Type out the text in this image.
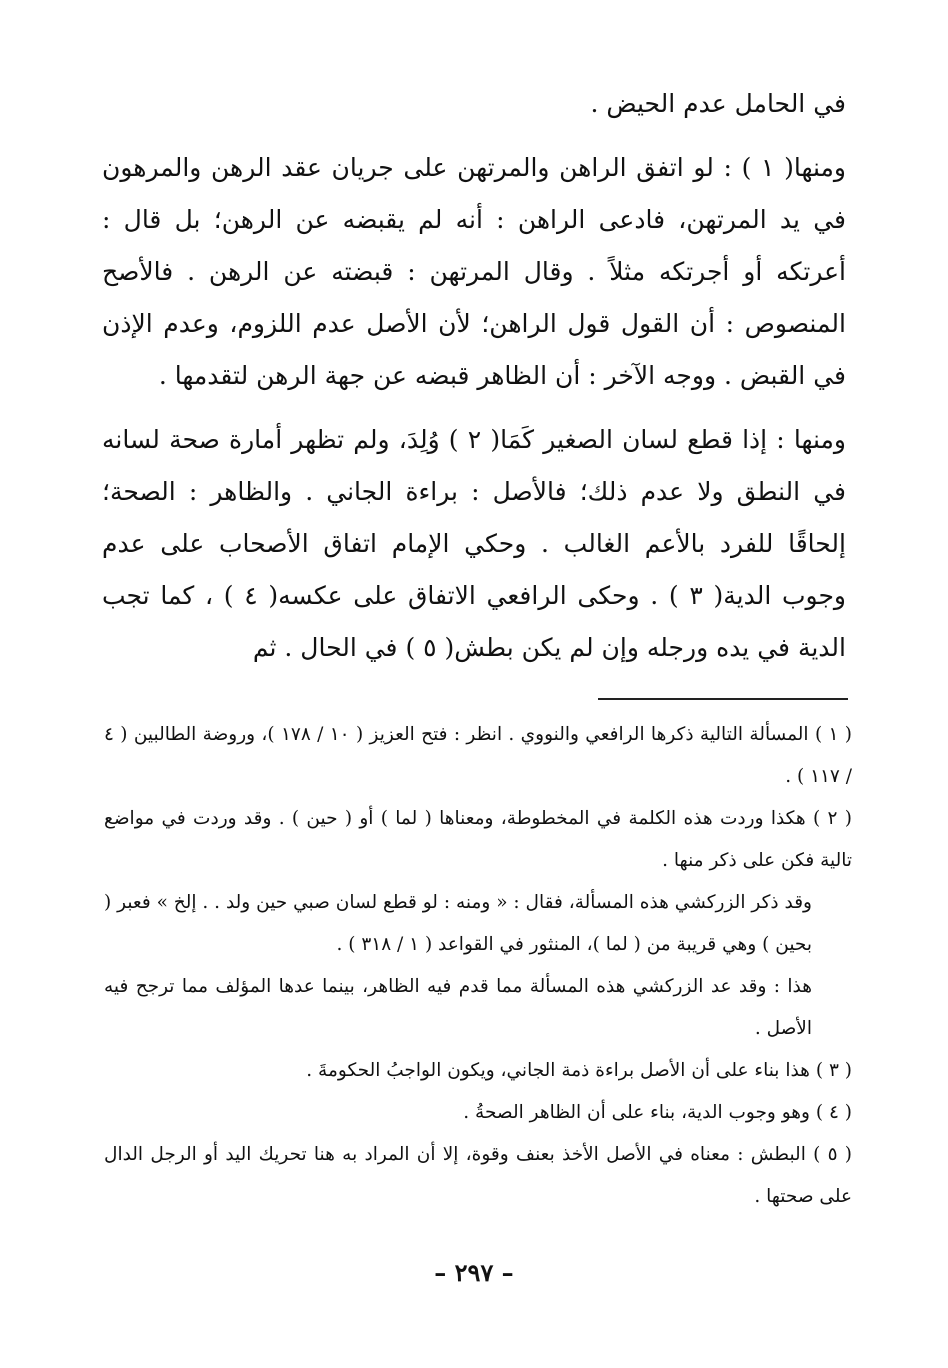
في الحامل عدم الحيض .

ومنها( ١ ) : لو اتفق الراهن والمرتهن على جريان عقد الرهن والمرهون في يد المرتهن، فادعى الراهن : أنه لم يقبضه عن الرهن؛ بل قال : أعرتكه أو أجرتكه مثلاً . وقال المرتهن : قبضته عن الرهن . فالأصح المنصوص : أن القول قول الراهن؛ لأن الأصل عدم اللزوم، وعدم الإذن في القبض . ووجه الآخر : أن الظاهر قبضه عن جهة الرهن لتقدمها .

ومنها : إذا قطع لسان الصغير كَمَا( ٢ ) وُلِدَ، ولم تظهر أمارة صحة لسانه في النطق ولا عدم ذلك؛ فالأصل : براءة الجاني . والظاهر : الصحة؛ إلحاقًا للفرد بالأعم الغالب . وحكي الإمام اتفاق الأصحاب على عدم وجوب الدية( ٣ ) . وحكى الرافعي الاتفاق على عكسه( ٤ ) ، كما تجب الدية في يده ورجله وإن لم يكن بطش( ٥ ) في الحال . ثم

( ١ ) المسألة التالية ذكرها الرافعي والنووي . انظر : فتح العزيز ( ١٠ / ١٧٨ )، وروضة الطالبين ( ٤ / ١١٧ ) .

( ٢ ) هكذا وردت هذه الكلمة في المخطوطة، ومعناها ( لما ) أو ( حين ) . وقد وردت في مواضع تالية فكن على ذكر منها .

وقد ذكر الزركشي هذه المسألة، فقال : « ومنه : لو قطع لسان صبي حين ولد . . إلخ » فعبر ( بحين ) وهي قريبة من ( لما )، المنثور في القواعد ( ١ / ٣١٨ ) .

هذا : وقد عد الزركشي هذه المسألة مما قدم فيه الظاهر، بينما عدها المؤلف مما ترجح فيه الأصل .

( ٣ ) هذا بناء على أن الأصل براءة ذمة الجاني، ويكون الواجبُ الحكومةَ .

( ٤ ) وهو وجوب الدية، بناء على أن الظاهر الصحةُ .

( ٥ ) البطش : معناه في الأصل الأخذ بعنف وقوة، إلا أن المراد به هنا تحريك اليد أو الرجل الدال على صحتها .

– ٢٩٧ –
